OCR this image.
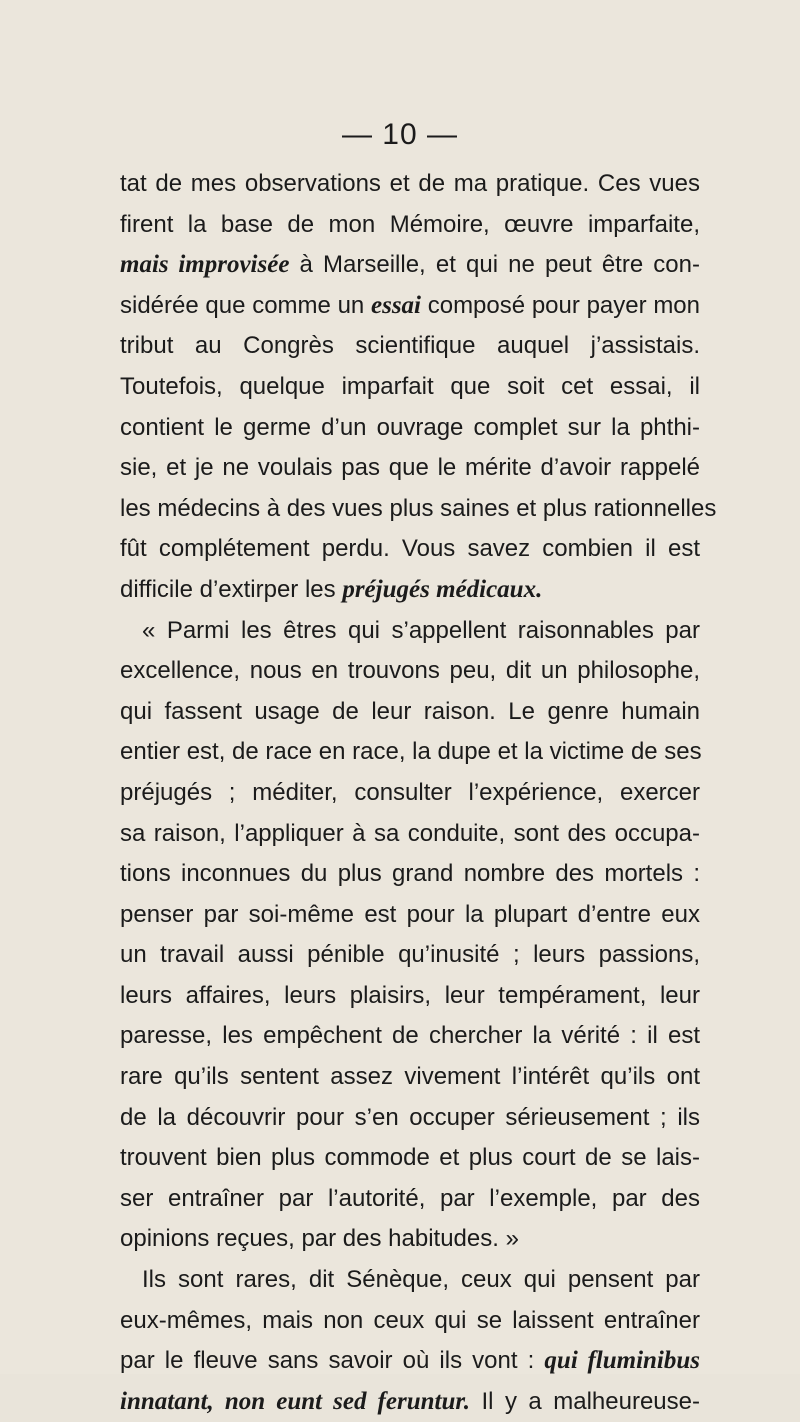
— 10 —
tat de mes observations et de ma pratique. Ces vues
firent la base de mon Mémoire, œuvre imparfaite,
mais improvisée à Marseille, et qui ne peut être con-
sidérée que comme un essai composé pour payer mon
tribut au Congrès scientifique auquel j’assistais.
Toutefois, quelque imparfait que soit cet essai, il
contient le germe d’un ouvrage complet sur la phthi-
sie, et je ne voulais pas que le mérite d’avoir rappelé
les médecins à des vues plus saines et plus rationnelles
fût complétement perdu. Vous savez combien il est
difficile d’extirper les préjugés médicaux.
« Parmi les êtres qui s’appellent raisonnables par
excellence, nous en trouvons peu, dit un philosophe,
qui fassent usage de leur raison. Le genre humain
entier est, de race en race, la dupe et la victime de ses
préjugés ; méditer, consulter l’expérience, exercer
sa raison, l’appliquer à sa conduite, sont des occupa-
tions inconnues du plus grand nombre des mortels :
penser par soi-même est pour la plupart d’entre eux
un travail aussi pénible qu’inusité ; leurs passions,
leurs affaires, leurs plaisirs, leur tempérament, leur
paresse, les empêchent de chercher la vérité : il est
rare qu’ils sentent assez vivement l’intérêt qu’ils ont
de la découvrir pour s’en occuper sérieusement ; ils
trouvent bien plus commode et plus court de se lais-
ser entraîner par l’autorité, par l’exemple, par des
opinions reçues, par des habitudes. »
Ils sont rares, dit Sénèque, ceux qui pensent par
eux-mêmes, mais non ceux qui se laissent entraîner
par le fleuve sans savoir où ils vont : qui fluminibus
innatant, non eunt sed feruntur. Il y a malheureuse-
